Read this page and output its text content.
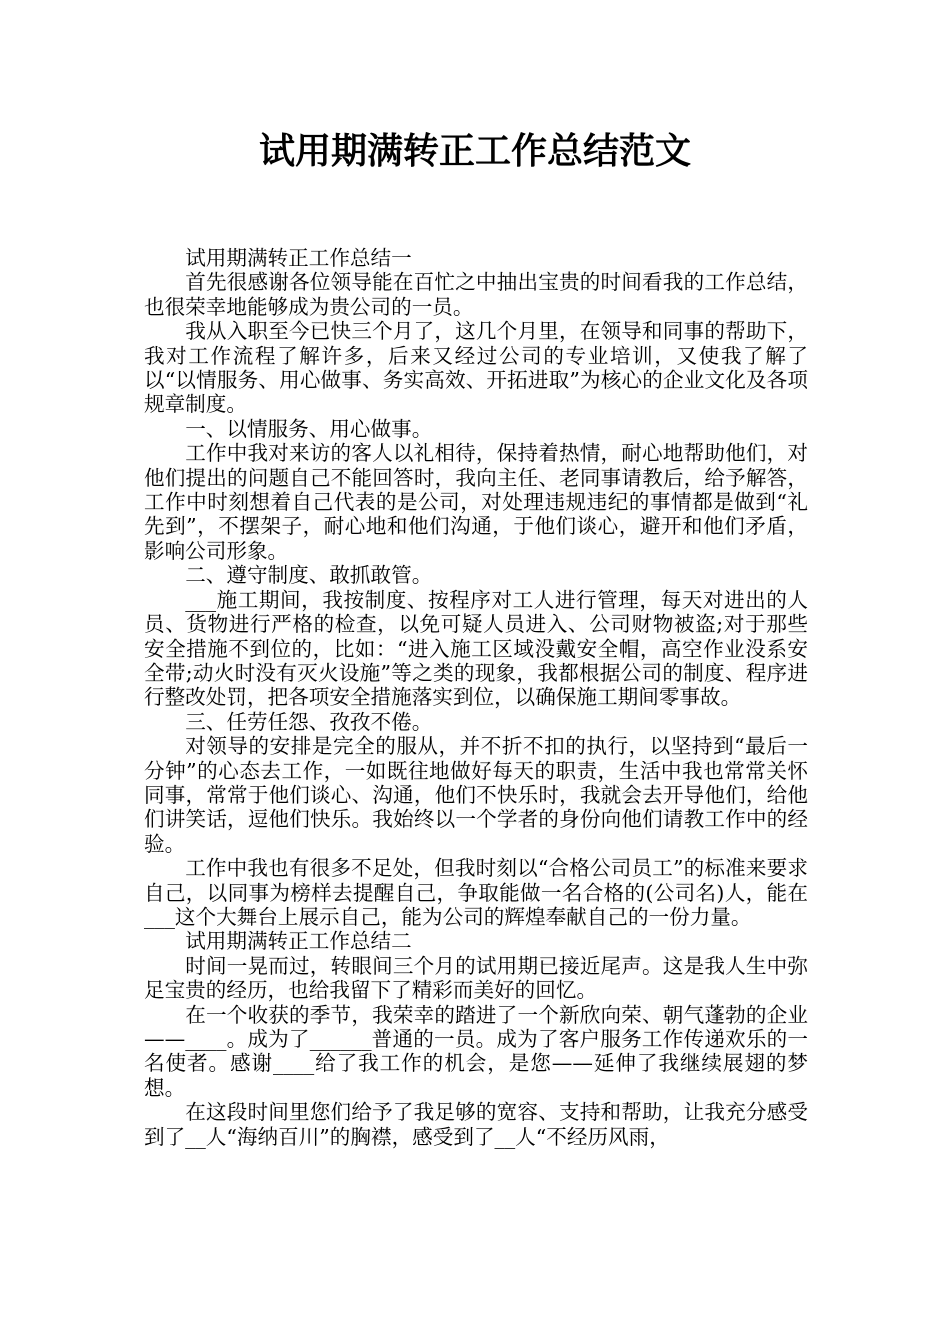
试用期满转正工作总结范文

试用期满转正工作总结一

首先很感谢各位领导能在百忙之中抽出宝贵的时间看我的工作总结，也很荣幸地能够成为贵公司的一员。

我从入职至今已快三个月了，这几个月里，在领导和同事的帮助下，我对工作流程了解许多，后来又经过公司的专业培训，又使我了解了以“以情服务、用心做事、务实高效、开拓进取”为核心的企业文化及各项规章制度。

一、以情服务、用心做事。

工作中我对来访的客人以礼相待，保持着热情，耐心地帮助他们，对他们提出的问题自己不能回答时，我向主任、老同事请教后，给予解答，工作中时刻想着自己代表的是公司，对处理违规违纪的事情都是做到“礼先到”，不摆架子，耐心地和他们沟通，于他们谈心，避开和他们矛盾，影响公司形象。

二、遵守制度、敢抓敢管。

___施工期间，我按制度、按程序对工人进行管理，每天对进出的人员、货物进行严格的检查，以免可疑人员进入、公司财物被盗;对于那些安全措施不到位的，比如：“进入施工区域没戴安全帽，高空作业没系安全带;动火时没有灭火设施”等之类的现象，我都根据公司的制度、程序进行整改处罚，把各项安全措施落实到位，以确保施工期间零事故。

三、任劳任怨、孜孜不倦。

对领导的安排是完全的服从，并不折不扣的执行，以坚持到“最后一分钟”的心态去工作，一如既往地做好每天的职责，生活中我也常常关怀同事，常常于他们谈心、沟通，他们不快乐时，我就会去开导他们，给他们讲笑话，逗他们快乐。我始终以一个学者的身份向他们请教工作中的经验。

工作中我也有很多不足处，但我时刻以“合格公司员工”的标准来要求自己，以同事为榜样去提醒自己，争取能做一名合格的(公司名)人，能在___这个大舞台上展示自己，能为公司的辉煌奉献自己的一份力量。

试用期满转正工作总结二

时间一晃而过，转眼间三个月的试用期已接近尾声。这是我人生中弥足宝贵的经历，也给我留下了精彩而美好的回忆。

在一个收获的季节，我荣幸的踏进了一个新欣向荣、朝气蓬勃的企业——____。成为了______普通的一员。成为了客户服务工作传递欢乐的一名使者。感谢____给了我工作的机会，是您——延伸了我继续展翅的梦想。

在这段时间里您们给予了我足够的宽容、支持和帮助，让我充分感受到了__人“海纳百川”的胸襟，感受到了__人“不经历风雨，
